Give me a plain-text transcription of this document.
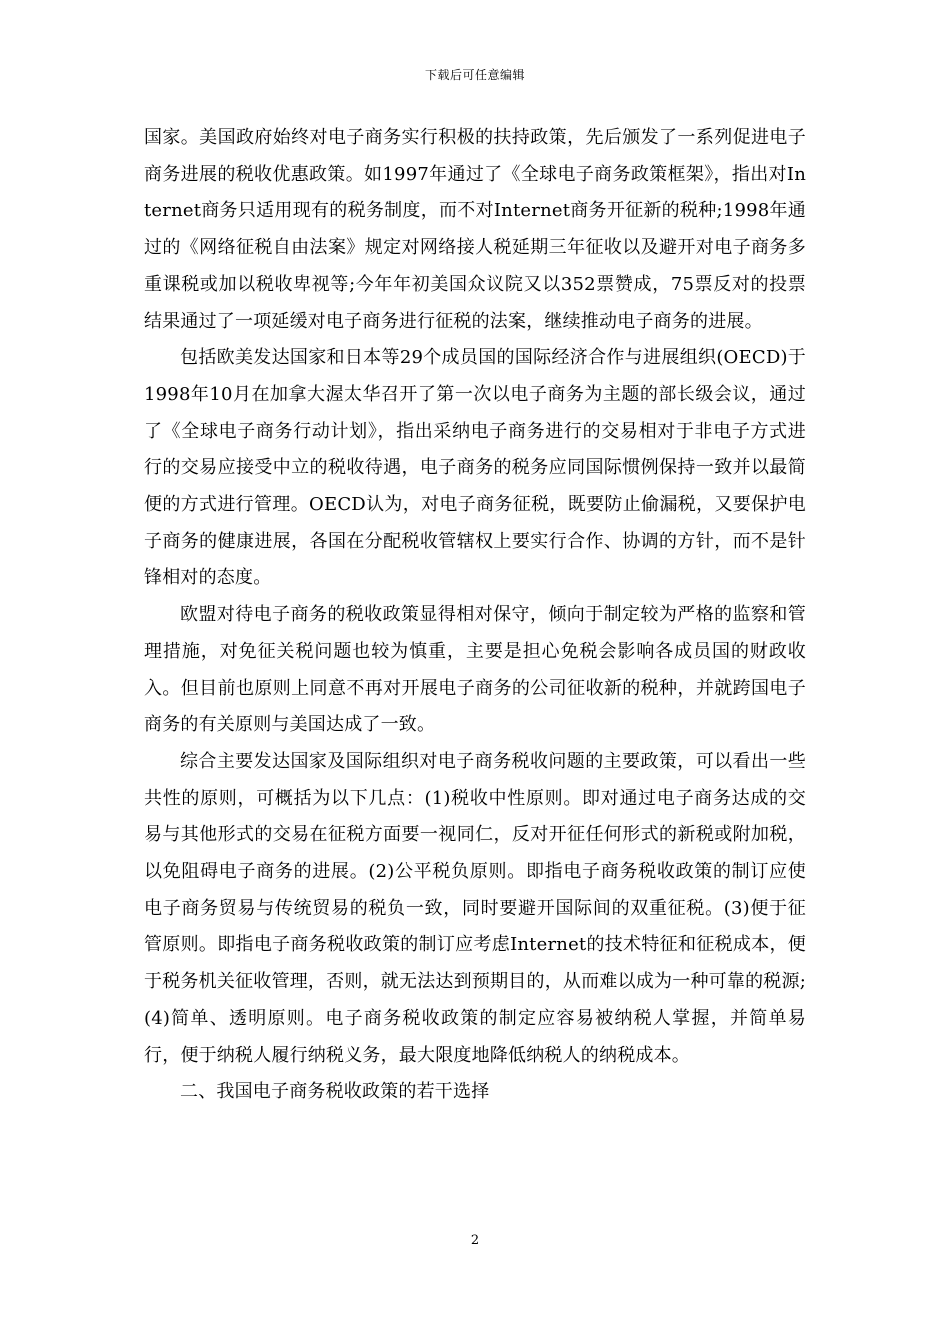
下载后可任意编辑

国家。美国政府始终对电子商务实行积极的扶持政策，先后颁发了一系列促进电子商务进展的税收优惠政策。如1997年通过了《全球电子商务政策框架》，指出对Internet商务只适用现有的税务制度，而不对Internet商务开征新的税种;1998年通过的《网络征税自由法案》规定对网络接人税延期三年征收以及避开对电子商务多重课税或加以税收卑视等;今年年初美国众议院又以352票赞成，75票反对的投票结果通过了一项延缓对电子商务进行征税的法案，继续推动电子商务的进展。

包括欧美发达国家和日本等29个成员国的国际经济合作与进展组织(OECD)于1998年10月在加拿大渥太华召开了第一次以电子商务为主题的部长级会议，通过了《全球电子商务行动计划》，指出采纳电子商务进行的交易相对于非电子方式进行的交易应接受中立的税收待遇，电子商务的税务应同国际惯例保持一致并以最简便的方式进行管理。OECD认为，对电子商务征税，既要防止偷漏税，又要保护电子商务的健康进展，各国在分配税收管辖权上要实行合作、协调的方针，而不是针锋相对的态度。

欧盟对待电子商务的税收政策显得相对保守，倾向于制定较为严格的监察和管理措施，对免征关税问题也较为慎重，主要是担心免税会影响各成员国的财政收入。但目前也原则上同意不再对开展电子商务的公司征收新的税种，并就跨国电子商务的有关原则与美国达成了一致。

综合主要发达国家及国际组织对电子商务税收问题的主要政策，可以看出一些共性的原则，可概括为以下几点：(1)税收中性原则。即对通过电子商务达成的交易与其他形式的交易在征税方面要一视同仁，反对开征任何形式的新税或附加税，以免阻碍电子商务的进展。(2)公平税负原则。即指电子商务税收政策的制订应使电子商务贸易与传统贸易的税负一致，同时要避开国际间的双重征税。(3)便于征管原则。即指电子商务税收政策的制订应考虑Internet的技术特征和征税成本，便于税务机关征收管理，否则，就无法达到预期目的，从而难以成为一种可靠的税源;(4)简单、透明原则。电子商务税收政策的制定应容易被纳税人掌握，并简单易行，便于纳税人履行纳税义务，最大限度地降低纳税人的纳税成本。

二、我国电子商务税收政策的若干选择

2
